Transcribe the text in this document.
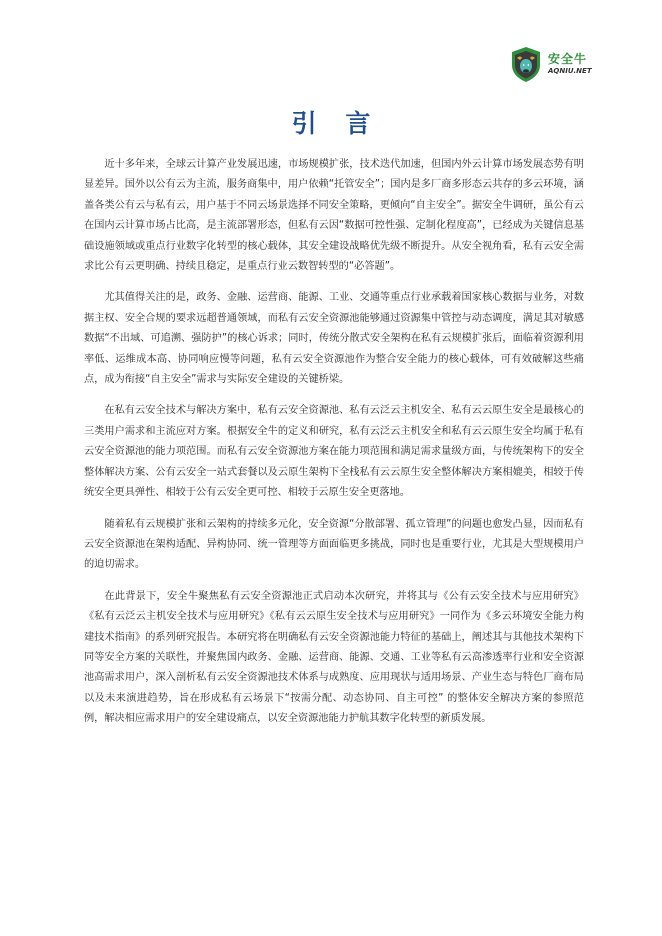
安全牛
AQNIU.NET
引 言

近十多年来，全球云计算产业发展迅速，市场规模扩张，技术迭代加速，但国内外云计算市场发展态势有明显差异。国外以公有云为主流，服务商集中，用户依赖“托管安全”；国内是多厂商多形态云共存的多云环境，涵盖各类公有云与私有云，用户基于不同云场景选择不同安全策略，更倾向“自主安全”。据安全牛调研，虽公有云在国内云计算市场占比高，是主流部署形态，但私有云因“数据可控性强、定制化程度高”，已经成为关键信息基础设施领域或重点行业数字化转型的核心载体，其安全建设战略优先级不断提升。从安全视角看，私有云安全需求比公有云更明确、持续且稳定，是重点行业云数智转型的“必答题”。

尤其值得关注的是，政务、金融、运营商、能源、工业、交通等重点行业承载着国家核心数据与业务，对数据主权、安全合规的要求远超普通领域，而私有云安全资源池能够通过资源集中管控与动态调度，满足其对敏感数据“不出域、可追溯、强防护”的核心诉求；同时，传统分散式安全架构在私有云规模扩张后，面临着资源利用率低、运维成本高、协同响应慢等问题，私有云安全资源池作为整合安全能力的核心载体，可有效破解这些痛点，成为衔接“自主安全”需求与实际安全建设的关键桥梁。

在私有云安全技术与解决方案中，私有云安全资源池、私有云泛云主机安全、私有云云原生安全是最核心的三类用户需求和主流应对方案。根据安全牛的定义和研究，私有云泛云主机安全和私有云云原生安全均属于私有云安全资源池的能力项范围。而私有云安全资源池方案在能力项范围和满足需求量级方面，与传统架构下的安全整体解决方案、公有云安全一站式套餐以及云原生架构下全栈私有云云原生安全整体解决方案相媲美，相较于传统安全更具弹性、相较于公有云安全更可控、相较于云原生安全更落地。

随着私有云规模扩张和云架构的持续多元化，安全资源“分散部署、孤立管理”的问题也愈发凸显，因而私有云安全资源池在架构适配、异构协同、统一管理等方面面临更多挑战，同时也是重要行业，尤其是大型规模用户的迫切需求。

在此背景下，安全牛聚焦私有云安全资源池正式启动本次研究，并将其与《公有云安全技术与应用研究》《私有云泛云主机安全技术与应用研究》《私有云云原生安全技术与应用研究》一同作为《多云环境安全能力构建技术指南》的系列研究报告。本研究将在明确私有云安全资源池能力特征的基础上，阐述其与其他技术架构下同等安全方案的关联性，并聚焦国内政务、金融、运营商、能源、交通、工业等私有云高渗透率行业和安全资源池高需求用户，深入剖析私有云安全资源池技术体系与成熟度、应用现状与适用场景、产业生态与特色厂商布局以及未来演进趋势，旨在形成私有云场景下“按需分配、动态协同、自主可控” 的整体安全解决方案的参照范例，解决相应需求用户的安全建设痛点，以安全资源池能力护航其数字化转型的新质发展。
